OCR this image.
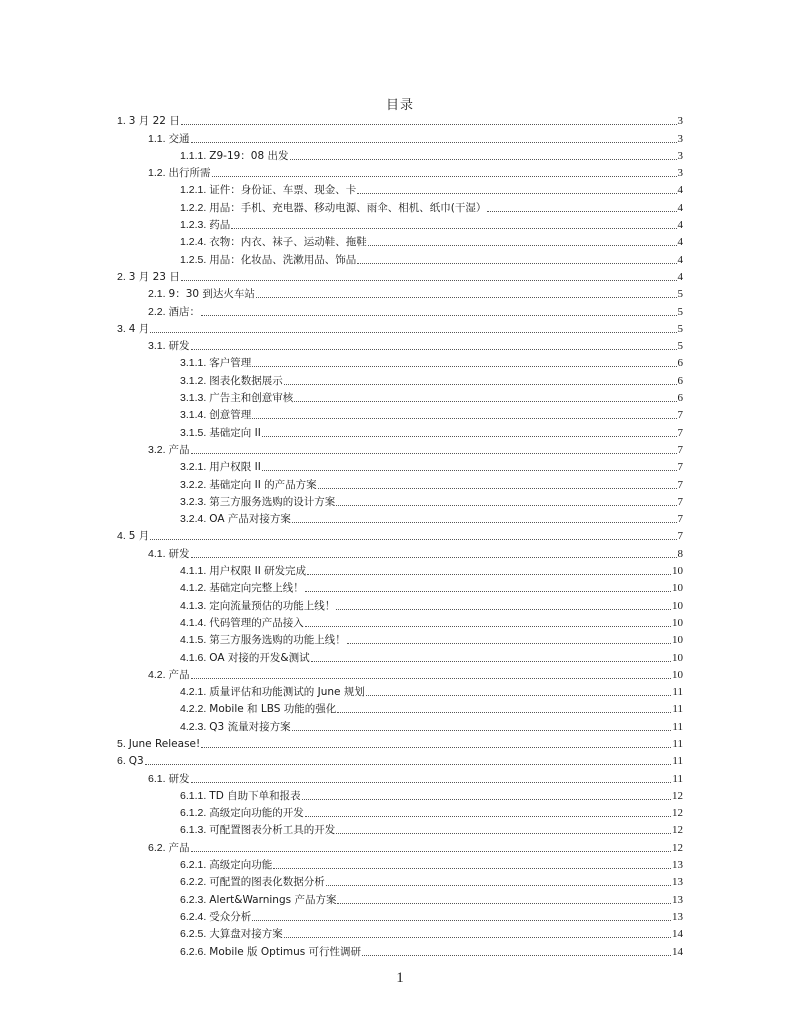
目录
1. 3 月 22 日	3
1.1. 交通	3
1.1.1. Z9-19：08 出发	3
1.2. 出行所需	3
1.2.1. 证件：身份证、车票、现金、卡	4
1.2.2. 用品：手机、充电器、移动电源、雨伞、相机、纸巾(干湿）	4
1.2.3. 药品	4
1.2.4. 衣物：内衣、袜子、运动鞋、拖鞋	4
1.2.5. 用品：化妆品、洗漱用品、饰品	4
2. 3 月 23 日	4
2.1. 9：30 到达火车站	5
2.2. 酒店：	5
3. 4 月	5
3.1. 研发	5
3.1.1. 客户管理	6
3.1.2. 图表化数据展示	6
3.1.3. 广告主和创意审核	6
3.1.4. 创意管理	7
3.1.5. 基础定向 II	7
3.2. 产品	7
3.2.1. 用户权限 II	7
3.2.2. 基础定向 II 的产品方案	7
3.2.3. 第三方服务选购的设计方案	7
3.2.4. OA 产品对接方案	7
4. 5 月	7
4.1. 研发	8
4.1.1. 用户权限 II 研发完成	10
4.1.2. 基础定向完整上线！	10
4.1.3. 定向流量预估的功能上线！	10
4.1.4. 代码管理的产品接入	10
4.1.5. 第三方服务选购的功能上线！	10
4.1.6. OA 对接的开发&测试	10
4.2. 产品	10
4.2.1. 质量评估和功能测试的 June 规划	11
4.2.2. Mobile 和 LBS 功能的强化	11
4.2.3. Q3 流量对接方案	11
5. June Release!	11
6. Q3	11
6.1. 研发	11
6.1.1. TD 自助下单和报表	12
6.1.2. 高级定向功能的开发	12
6.1.3. 可配置图表分析工具的开发	12
6.2. 产品	12
6.2.1. 高级定向功能	13
6.2.2. 可配置的图表化数据分析	13
6.2.3. Alert&Warnings 产品方案	13
6.2.4. 受众分析	13
6.2.5. 大算盘对接方案	14
6.2.6. Mobile 版 Optimus 可行性调研	14
1
